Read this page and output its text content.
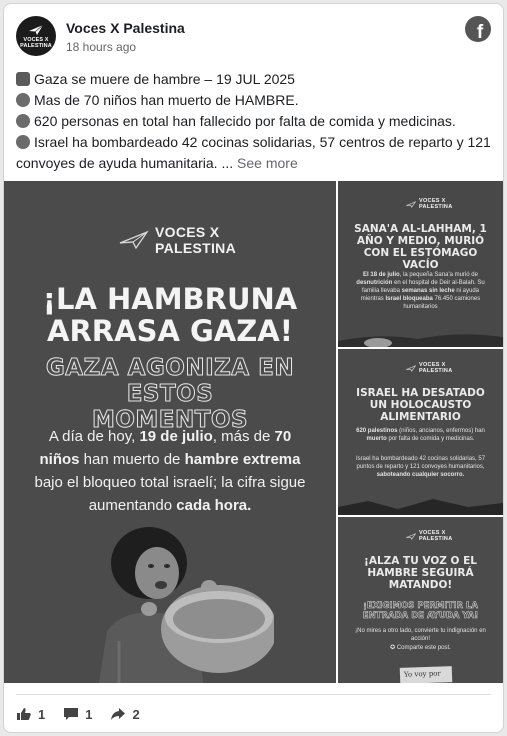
VOCES X
PALESTINA
Voces X Palestina
18 hours ago
f

Gaza se muere de hambre – 19 JUL 2025

Mas de 70 niños han muerto de HAMBRE.

620 personas en total han fallecido por falta de comida y medicinas.

Israel ha bombardeado 42 cocinas solidarias, 57 centros de reparto y 121 convoyes de ayuda humanitaria. ... See more

VOCES X
PALESTINA
¡LA HAMBRUNA
ARRASA GAZA!
GAZA AGONIZA EN ESTOS
MOMENTOS
A día de hoy, 19 de julio, más de 70 niños han muerto de hambre extrema bajo el bloqueo total israelí; la cifra sigue aumentando cada hora.
VOCES X
PALESTINA
SANA'A AL-LAHHAM, 1 AÑO Y MEDIO, MURIÓ CON EL ESTÓMAGO VACÍO
El 18 de julio, la pequeña Sana'a murió de desnutrición en el hospital de Deir al-Balah. Su familia llevaba semanas sin leche ni ayuda mientras Israel bloqueaba 76.450 camiones humanitarios
VOCES X
PALESTINA
ISRAEL HA DESATADO UN HOLOCAUSTO ALIMENTARIO
620 palestinos (niños, ancianos, enfermos) han muerto por falta de comida y medicinas.
Israel ha bombardeado 42 cocinas solidarias, 57 puntos de reparto y 121 convoyes humanitarios, saboteando cualquier socorro.
VOCES X
PALESTINA
¡ALZA TU VOZ O EL HAMBRE SEGUIRÁ MATANDO!
¡EXIGIMOS PERMITIR LA ENTRADA DE AYUDA YA!
¡No mires a otro lado, convierte tu indignación en acción!
✪ Comparte este post.
Yo voy por
1	1	2
